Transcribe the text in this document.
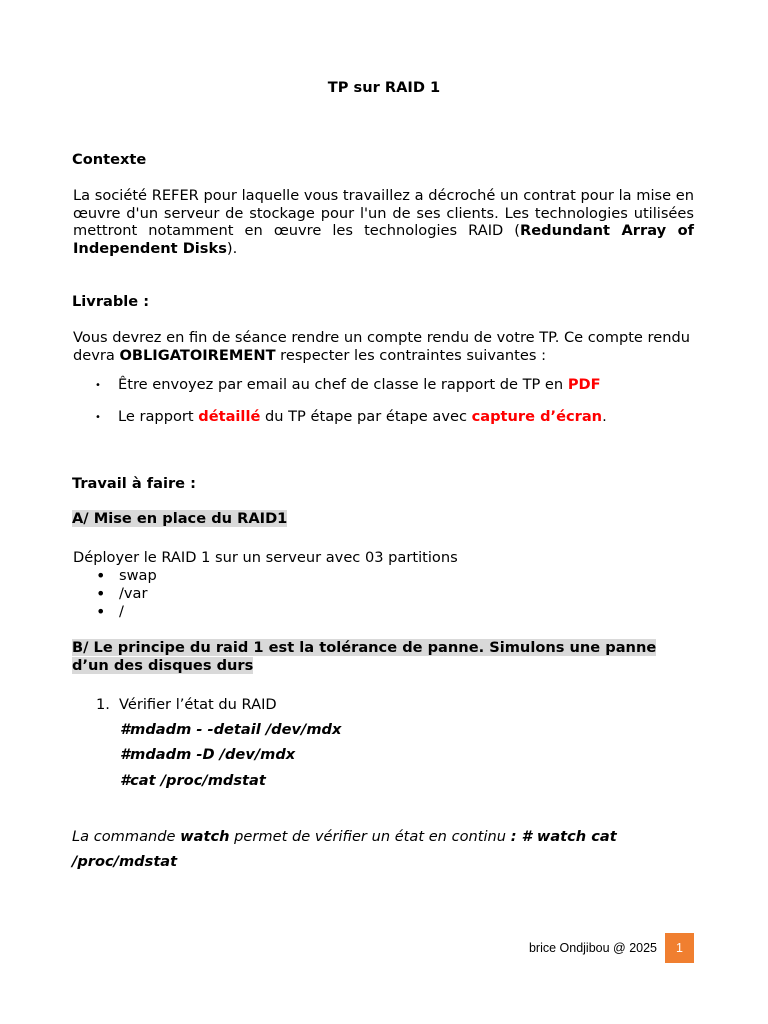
TP sur RAID 1
Contexte
La société REFER pour laquelle vous travaillez a décroché un contrat pour la mise en œuvre d'un serveur de stockage pour l'un de ses clients. Les technologies utilisées mettront notamment en œuvre les technologies RAID (Redundant Array of Independent Disks).
Livrable :
Vous devrez en fin de séance rendre un compte rendu de votre TP. Ce compte rendu devra OBLIGATOIREMENT respecter les contraintes suivantes :
• Être envoyez par email au chef de classe le rapport de TP en PDF
• Le rapport détaillé du TP étape par étape avec capture d’écran.
Travail à faire :
A/ Mise en place du RAID1
Déployer le RAID 1 sur un serveur avec 03 partitions
• swap
• /var
• /
B/ Le principe du raid 1 est la tolérance de panne. Simulons une panne d’un des disques durs
1. Vérifier l’état du RAID
#mdadm - -detail /dev/mdx
#mdadm -D /dev/mdx
#cat /proc/mdstat
La commande watch permet de vérifier un état en continu : # watch cat /proc/mdstat
brice Ondjibou @ 2025	1
